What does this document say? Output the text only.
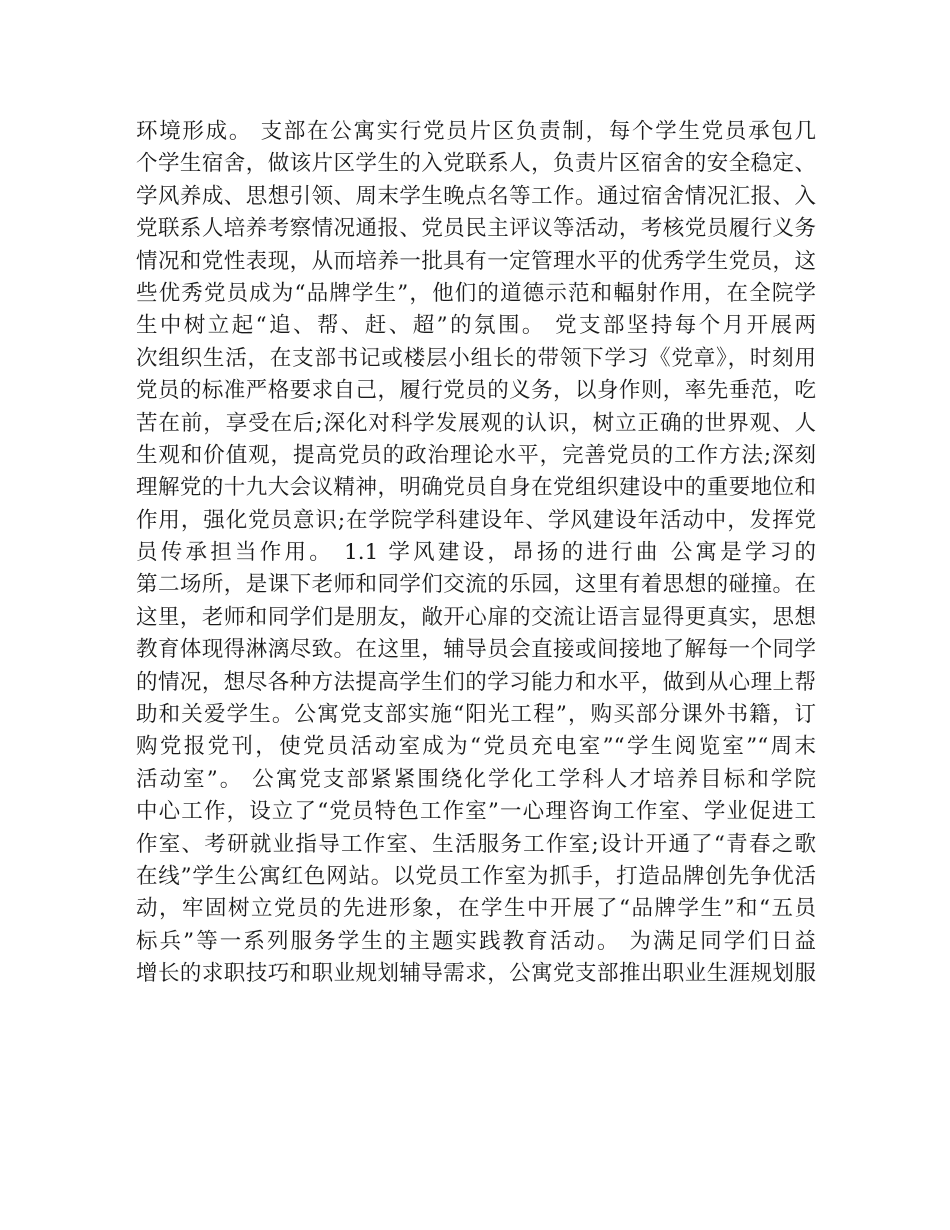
环境形成。 支部在公寓实行党员片区负责制，每个学生党员承包几
个学生宿舍，做该片区学生的入党联系人，负责片区宿舍的安全稳定、
学风养成、思想引领、周末学生晚点名等工作。通过宿舍情况汇报、入
党联系人培养考察情况通报、党员民主评议等活动，考核党员履行义务
情况和党性表现，从而培养一批具有一定管理水平的优秀学生党员，这
些优秀党员成为“品牌学生”，他们的道德示范和輻射作用，在全院学
生中树立起“追、帮、赶、超”的氛围。 党支部坚持每个月开展两
次组织生活，在支部书记或楼层小组长的带领下学习《党章》，时刻用
党员的标准严格要求自己，履行党员的义务，以身作则，率先垂范，吃
苦在前，享受在后;深化对科学发展观的认识，树立正确的世界观、人
生观和价值观，提高党员的政治理论水平，完善党员的工作方法;深刻
理解党的十九大会议精神，明确党员自身在党组织建设中的重要地位和
作用，强化党员意识;在学院学科建设年、学风建设年活动中，发挥党
员传承担当作用。 1.1 学风建设，昂扬的进行曲 公寓是学习的
第二场所，是课下老师和同学们交流的乐园，这里有着思想的碰撞。在
这里，老师和同学们是朋友，敞开心扉的交流让语言显得更真实，思想
教育体现得淋漓尽致。在这里，辅导员会直接或间接地了解每一个同学
的情况，想尽各种方法提高学生们的学习能力和水平，做到从心理上帮
助和关爱学生。公寓党支部实施“阳光工程”，购买部分课外书籍，订
购党报党刊，使党员活动室成为“党员充电室”“学生阅览室”“周末
活动室”。 公寓党支部紧紧围绕化学化工学科人才培养目标和学院
中心工作，设立了“党员特色工作室”一心理咨询工作室、学业促进工
作室、考研就业指导工作室、生活服务工作室;设计开通了“青春之歌
在线”学生公寓红色网站。以党员工作室为抓手，打造品牌创先争优活
动，牢固树立党员的先进形象，在学生中开展了“品牌学生”和“五员
标兵”等一系列服务学生的主题实践教育活动。 为满足同学们日益
增长的求职技巧和职业规划辅导需求，公寓党支部推出职业生涯规划服
